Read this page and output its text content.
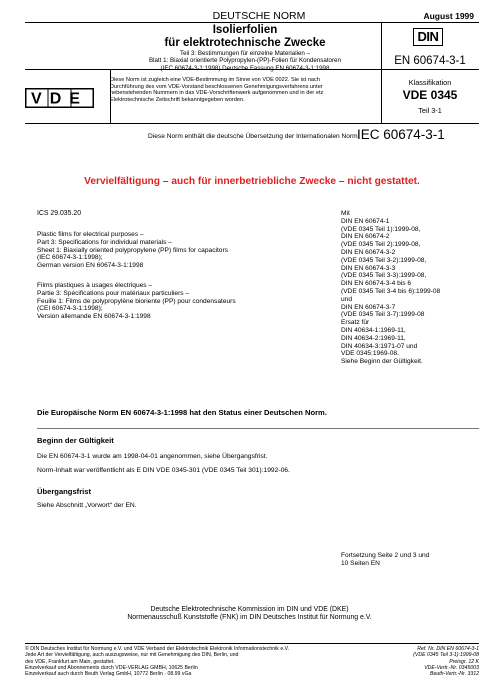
DEUTSCHE NORM	August 1999
Isolierfolien
für elektrotechnische Zwecke
Teil 3: Bestimmungen für einzelne Materialien –
Blatt 1: Biaxial orientierte Polypropylen-(PP)-Folien für Kondensatoren
(IEC 60674-3-1:1998) Deutsche Fassung EN 60674-3-1:1998
DIN
EN 60674-3-1
VDE
Diese Norm ist zugleich eine VDE-Bestimmung im Sinne von VDE 0022. Sie ist nach
Durchführung des vom VDE-Vorstand beschlossenen Genehmigungsverfahrens unter
nebenstehenden Nummern in das VDE-Vorschriftenwerk aufgenommen und in der etz
Elektrotechnische Zeitschrift bekanntgegeben worden.
Klassifikation
VDE 0345
Teil 3-1
Diese Norm enthält die deutsche Übersetzung der Internationalen Norm IEC 60674-3-1
Vervielfältigung – auch für innerbetriebliche Zwecke – nicht gestattet.
ICS 29.035.20
Plastic films for electrical purposes –
Part 3: Specifications for individual materials –
Sheet 1: Biaxially oriented polypropylene (PP) films for capacitors
(IEC 60674-3-1:1998);
German version EN 60674-3-1:1998
Films plastiques à usages électriques –
Partie 3: Spécifications pour matériaux particuliers –
Feuille 1: Films de polypropylène bioriente (PP) pour condensateurs
(CEI 60674-3-1:1998);
Version allemande EN 60674-3-1:1998
Mit
DIN EN 60674-1
(VDE 0345 Teil 1):1999-08,
DIN EN 60674-2
(VDE 0345 Teil 2):1999-08,
DIN EN 60674-3-2
(VDE 0345 Teil 3-2):1999-08,
DIN EN 60674-3-3
(VDE 0345 Teil 3-3):1999-08,
DIN EN 60674-3-4 bis 6
(VDE 0345 Teil 3-4 bis 6):1999-08
und
DIN EN 60674-3-7
(VDE 0345 Teil 3-7):1999-08
Ersatz für
DIN 40634-1:1969-11,
DIN 40634-2:1969-11,
DIN 40634-3:1971-07 und
VDE 0345:1969-08.
Siehe Beginn der Gültigkeit.
Die Europäische Norm EN 60674-3-1:1998 hat den Status einer Deutschen Norm.
Beginn der Gültigkeit
Die EN 60674-3-1 wurde am 1998-04-01 angenommen, siehe Übergangsfrist.
Norm-Inhalt war veröffentlicht als E DIN VDE 0345-301 (VDE 0345 Teil 301):1992-06.
Übergangsfrist
Siehe Abschnitt „Vorwort“ der EN.
Fortsetzung Seite 2 und 3 und
10 Seiten EN
Deutsche Elektrotechnische Kommission im DIN und VDE (DKE)
Normenausschuß Kunststoffe (FNK) im DIN Deutsches Institut für Normung e.V.
© DIN Deutsches Institut für Normung e.V. und VDE Verband der Elektrotechnik Elektronik Informationstechnik e.V.
Jede Art der Vervielfältigung, auch auszugsweise, nur mit Genehmigung des DIN, Berlin, und
des VDE, Frankfurt am Main, gestattet.
Einzelverkauf und Abonnements durch VDE-VERLAG GMBH, 10625 Berlin
Einzelverkauf auch durch Beuth Verlag GmbH, 10772 Berlin · 08.99 vGa
Ref. Nr. DIN EN 60674-3-1
(VDE 0345 Teil 3-1):1999-08
Preisgr. 12 K
VDE-Vertr.-Nr. 0345003
Beuth-Vertr.-Nr. 3312
